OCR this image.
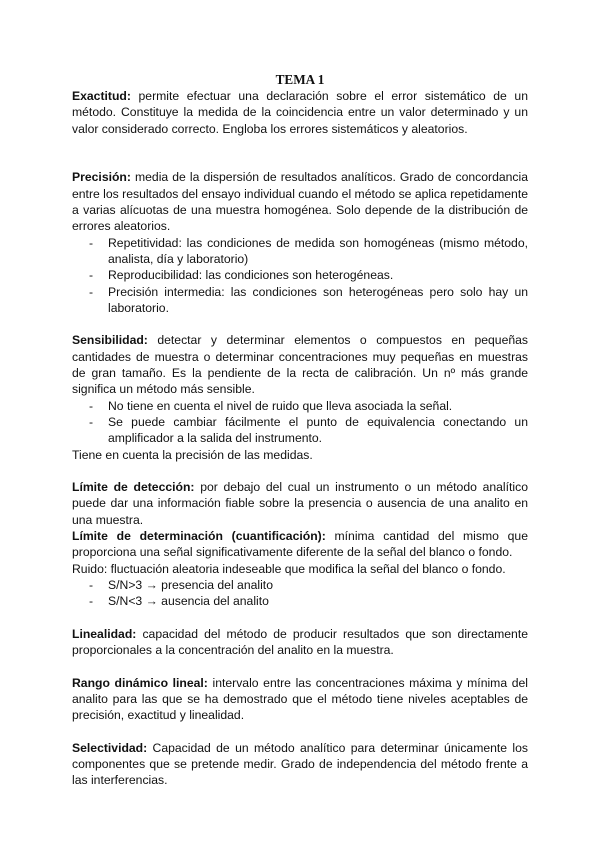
TEMA 1

Exactitud: permite efectuar una declaración sobre el error sistemático de un método. Constituye la medida de la coincidencia entre un valor determinado y un valor considerado correcto. Engloba los errores sistemáticos y aleatorios.

Precisión: media de la dispersión de resultados analíticos. Grado de concordancia entre los resultados del ensayo individual cuando el método se aplica repetidamente a varias alícuotas de una muestra homogénea. Solo depende de la distribución de errores aleatorios.

- Repetitividad: las condiciones de medida son homogéneas (mismo método, analista, día y laboratorio)
- Reproducibilidad: las condiciones son heterogéneas.
- Precisión intermedia: las condiciones son heterogéneas pero solo hay un laboratorio.

Sensibilidad: detectar y determinar elementos o compuestos en pequeñas cantidades de muestra o determinar concentraciones muy pequeñas en muestras de gran tamaño. Es la pendiente de la recta de calibración. Un nº más grande significa un método más sensible.

- No tiene en cuenta el nivel de ruido que lleva asociada la señal.
- Se puede cambiar fácilmente el punto de equivalencia conectando un amplificador a la salida del instrumento.

Tiene en cuenta la precisión de las medidas.

Límite de detección: por debajo del cual un instrumento o un método analítico puede dar una información fiable sobre la presencia o ausencia de una analito en una muestra.

Límite de determinación (cuantificación): mínima cantidad del mismo que proporciona una señal significativamente diferente de la señal del blanco o fondo.

Ruido: fluctuación aleatoria indeseable que modifica la señal del blanco o fondo.

- S/N>3 → presencia del analito
- S/N<3 → ausencia del analito

Linealidad: capacidad del método de producir resultados que son directamente proporcionales a la concentración del analito en la muestra.

Rango dinámico lineal: intervalo entre las concentraciones máxima y mínima del analito para las que se ha demostrado que el método tiene niveles aceptables de precisión, exactitud y linealidad.

Selectividad: Capacidad de un método analítico para determinar únicamente los componentes que se pretende medir. Grado de independencia del método frente a las interferencias.
